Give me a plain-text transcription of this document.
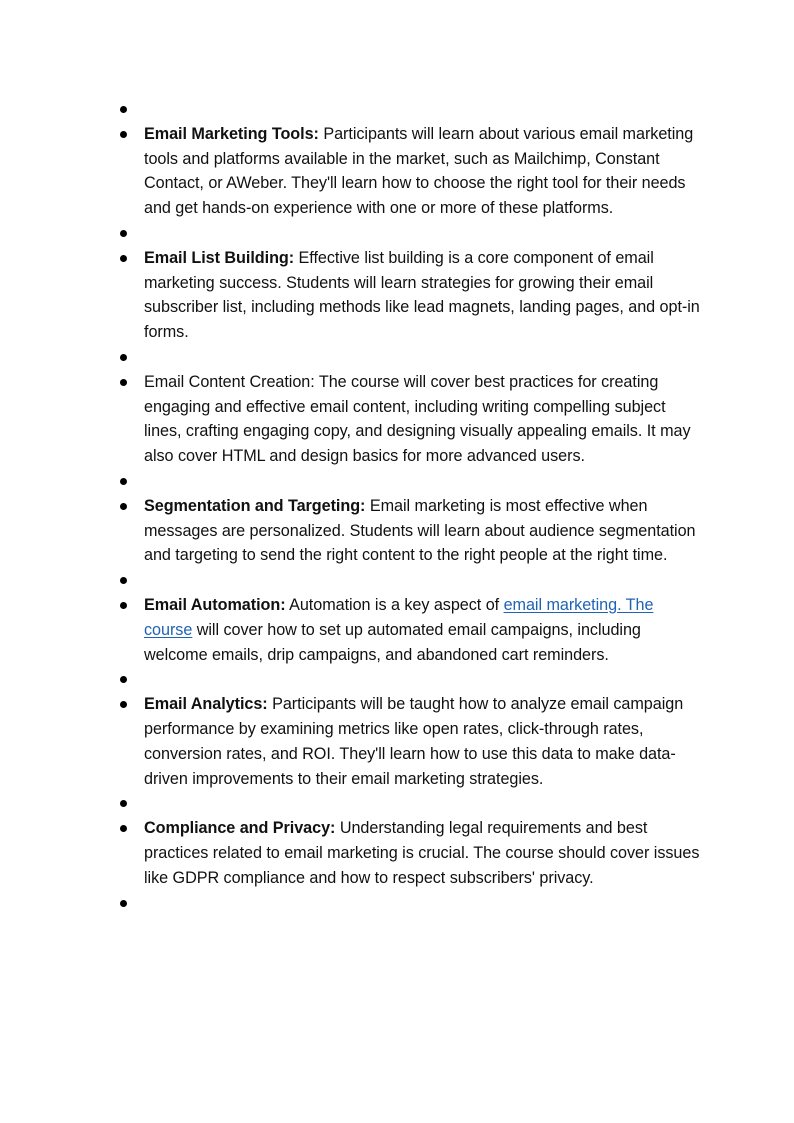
Email Marketing Tools: Participants will learn about various email marketing tools and platforms available in the market, such as Mailchimp, Constant Contact, or AWeber. They'll learn how to choose the right tool for their needs and get hands-on experience with one or more of these platforms.
Email List Building: Effective list building is a core component of email marketing success. Students will learn strategies for growing their email subscriber list, including methods like lead magnets, landing pages, and opt-in forms.
Email Content Creation: The course will cover best practices for creating engaging and effective email content, including writing compelling subject lines, crafting engaging copy, and designing visually appealing emails. It may also cover HTML and design basics for more advanced users.
Segmentation and Targeting: Email marketing is most effective when messages are personalized. Students will learn about audience segmentation and targeting to send the right content to the right people at the right time.
Email Automation: Automation is a key aspect of email marketing. The course will cover how to set up automated email campaigns, including welcome emails, drip campaigns, and abandoned cart reminders.
Email Analytics: Participants will be taught how to analyze email campaign performance by examining metrics like open rates, click-through rates, conversion rates, and ROI. They'll learn how to use this data to make data-driven improvements to their email marketing strategies.
Compliance and Privacy: Understanding legal requirements and best practices related to email marketing is crucial. The course should cover issues like GDPR compliance and how to respect subscribers' privacy.
